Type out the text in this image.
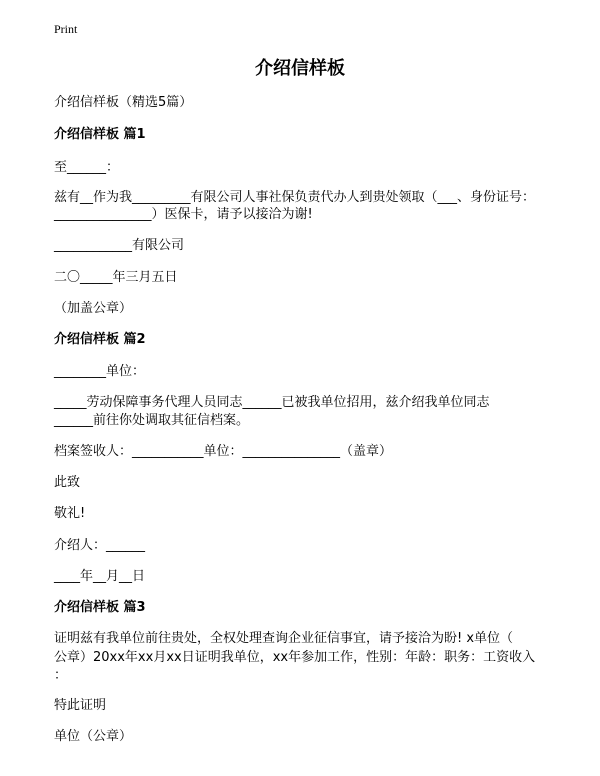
Print
介绍信样板
介绍信样板（精选5篇）
介绍信样板 篇1
至______：
兹有__作为我_________有限公司人事社保负责代办人到贵处领取（___、身份证号：
_______________）医保卡，请予以接洽为谢!
____________有限公司
二〇_____年三月五日
（加盖公章）
介绍信样板 篇2
________单位：
_____劳动保障事务代理人员同志______已被我单位招用，兹介绍我单位同志
______前往你处调取其征信档案。
档案签收人：___________单位：_______________（盖章）
此致
敬礼!
介绍人：______
____年__月__日
介绍信样板 篇3
证明兹有我单位前往贵处，全权处理查询企业征信事宜，请予接洽为盼! x单位（
公章）20xx年xx月xx日证明我单位，xx年参加工作，性别：年龄：职务：工资收入
：
特此证明
单位（公章）
